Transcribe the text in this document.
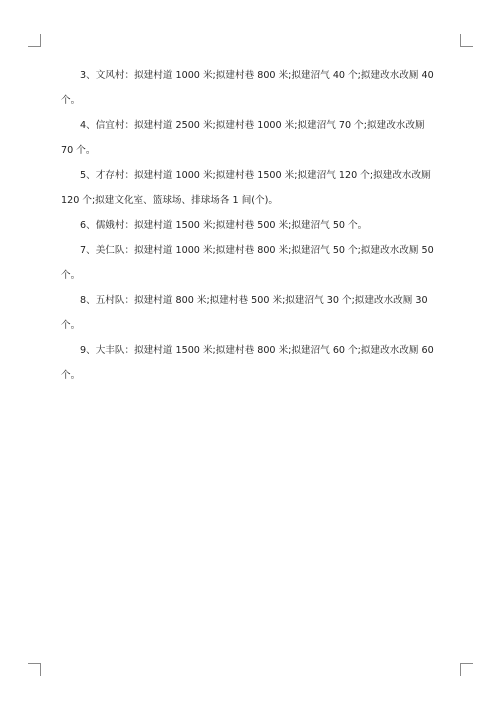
3、文风村：拟建村道 1000 米;拟建村巷 800 米;拟建沼气 40 个;拟建改水改厕 40 个。

4、信宜村：拟建村道 2500 米;拟建村巷 1000 米;拟建沼气 70 个;拟建改水改厕 70 个。

5、才存村：拟建村道 1000 米;拟建村巷 1500 米;拟建沼气 120 个;拟建改水改厕 120 个;拟建文化室、篮球场、排球场各 1 间(个)。

6、儒娥村：拟建村道 1500 米;拟建村巷 500 米;拟建沼气 50 个。

7、美仁队：拟建村道 1000 米;拟建村巷 800 米;拟建沼气 50 个;拟建改水改厕 50 个。

8、五村队：拟建村道 800 米;拟建村巷 500 米;拟建沼气 30 个;拟建改水改厕 30 个。

9、大丰队：拟建村道 1500 米;拟建村巷 800 米;拟建沼气 60 个;拟建改水改厕 60 个。
